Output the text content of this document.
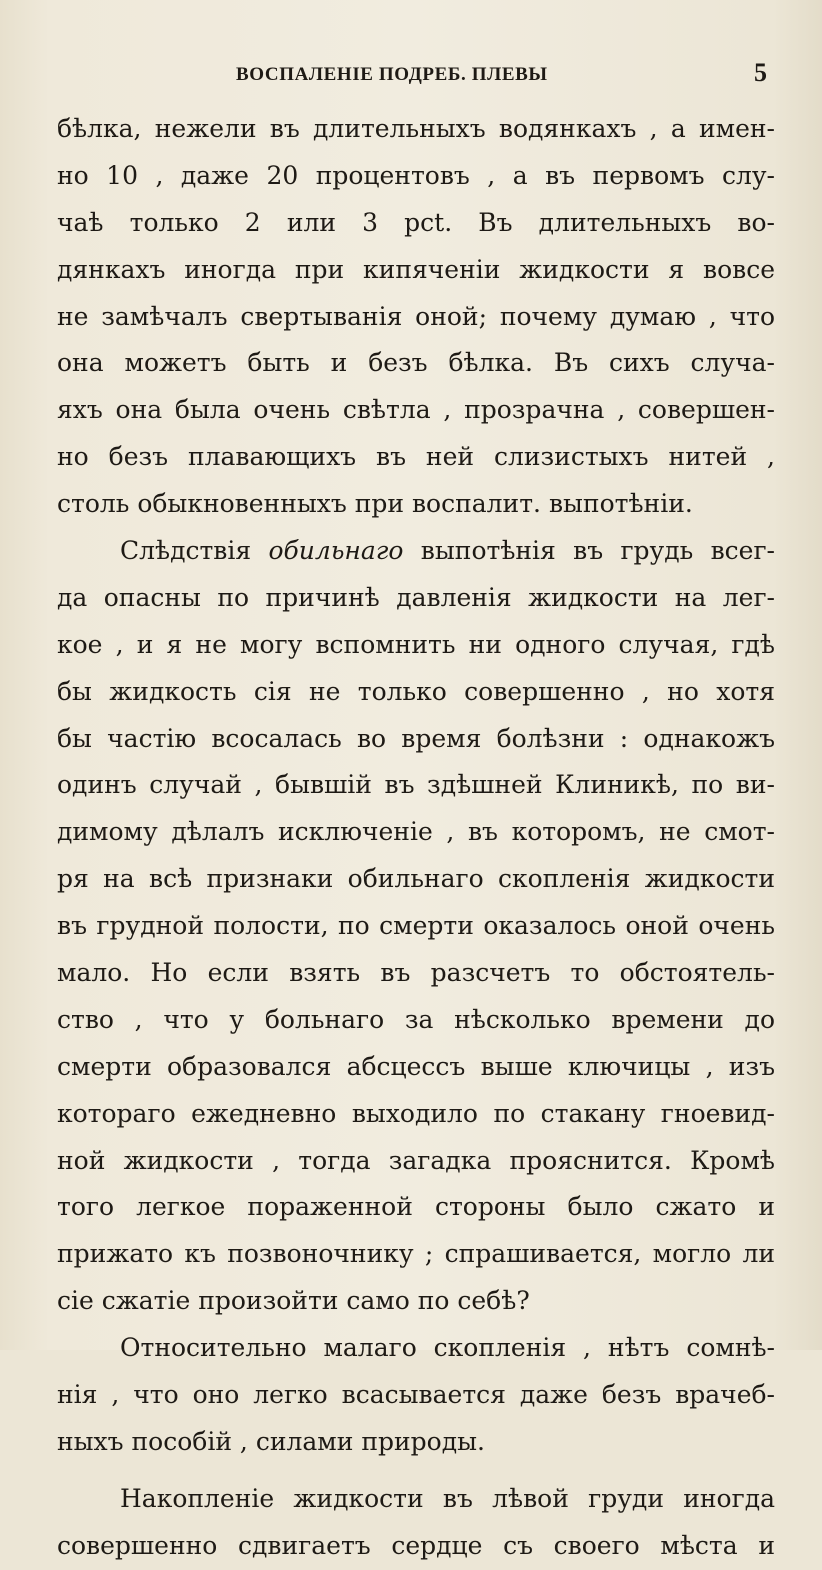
ВОСПАЛЕНІЕ ПОДРЕБ. ПЛЕВЫ	5
бѣлка, нежели въ длительныхъ водянкахъ , а имен-
но 10 , даже 20 процентовъ , а въ первомъ слу-
чаѣ только 2 или 3 pct. Въ длительныхъ во-
дянкахъ иногда при кипяченіи жидкости я вовсе
не замѣчалъ свертыванія оной; почему думаю , что
она можетъ быть и безъ бѣлка. Въ сихъ случа-
яхъ она была очень свѣтла , прозрачна , совершен-
но безъ плавающихъ въ ней слизистыхъ нитей ,
столь обыкновенныхъ при воспалит. выпотѣніи.
Слѣдствія обильнаго выпотѣнія въ грудь всег-
да опасны по причинѣ давленія жидкости на лег-
кое , и я не могу вспомнить ни одного случая, гдѣ
бы жидкость сія не только совершенно , но хотя
бы частію всосалась во время болѣзни : однакожъ
одинъ случай , бывшій въ здѣшней Клиникѣ, по ви-
димому дѣлалъ исключеніе , въ которомъ, не смот-
ря на всѣ признаки обильнаго скопленія жидкости
въ грудной полости, по смерти оказалось оной очень
мало. Но если взять въ разсчетъ то обстоятель-
ство , что у больнаго за нѣсколько времени до
смерти образовался абсцессъ выше ключицы , изъ
котораго ежедневно выходило по стакану гноевид-
ной жидкости , тогда загадка прояснится. Кромѣ
того легкое пораженной стороны было сжато и
прижато къ позвоночнику ; спрашивается, могло ли
сіе сжатіе произойти само по себѣ?
Относительно малаго скопленія , нѣтъ сомнѣ-
нія , что оно легко всасывается даже безъ врачеб-
ныхъ пособій , силами природы.
Накопленіе жидкости въ лѣвой груди иногда
совершенно сдвигаетъ сердце съ своего мѣста и
